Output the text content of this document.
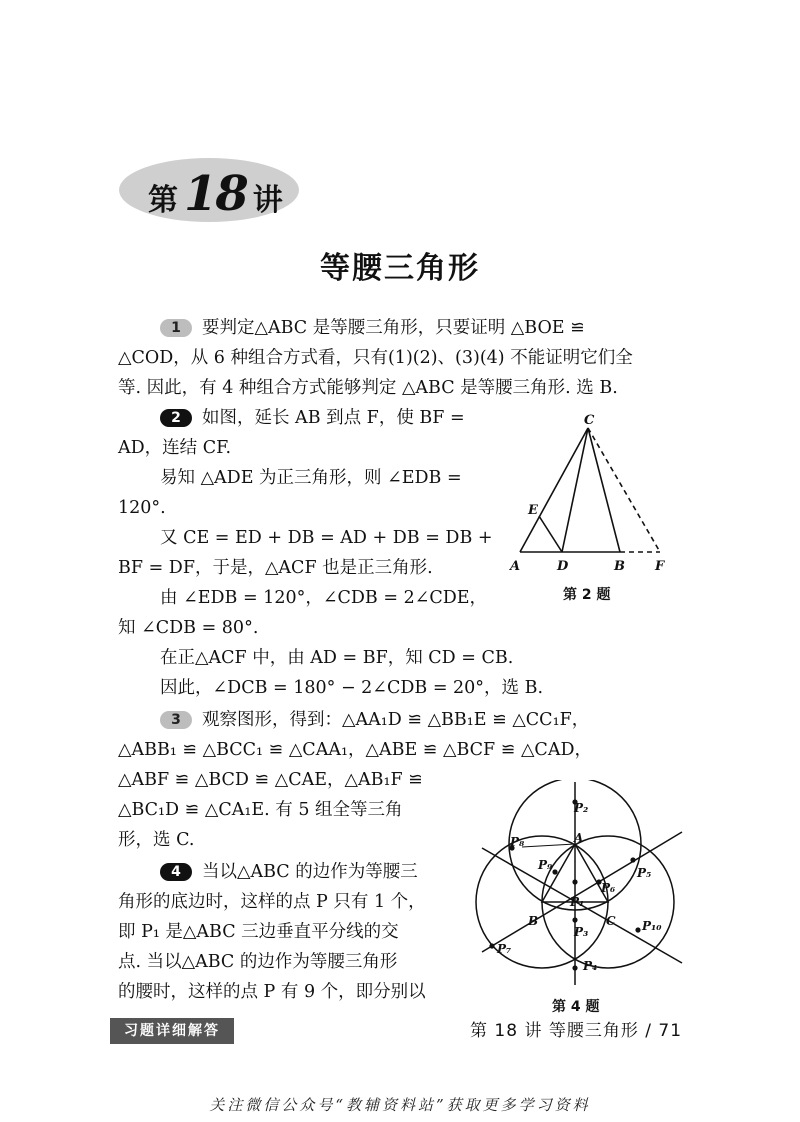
第 18 讲
等腰三角形
1 要判定△ABC 是等腰三角形，只要证明 △BOE ≌
△COD，从 6 种组合方式看，只有(1)(2)、(3)(4) 不能证明它们全
等. 因此，有 4 种组合方式能够判定 △ABC 是等腰三角形. 选 B.
2 如图，延长 AB 到点 F，使 BF =
AD，连结 CF.
易知 △ADE 为正三角形，则 ∠EDB =
120°.
又 CE = ED + DB = AD + DB = DB +
BF = DF，于是，△ACF 也是正三角形.
由 ∠EDB = 120°，∠CDB = 2∠CDE，
知 ∠CDB = 80°.
在正△ACF 中，由 AD = BF，知 CD = CB.
因此，∠DCB = 180° − 2∠CDB = 20°，选 B.
C
E
A	D	B F
第 2 题
3 观察图形，得到：△AA₁D ≌ △BB₁E ≌ △CC₁F，
△ABB₁ ≌ △BCC₁ ≌ △CAA₁，△ABE ≌ △BCF ≌ △CAD，
△ABF ≌ △BCD ≌ △CAE，△AB₁F ≌
△BC₁D ≌ △CA₁E. 有 5 组全等三角
形，选 C.
4 当以△ABC 的边作为等腰三
角形的底边时，这样的点 P 只有 1 个，
即 P₁ 是△ABC 三边垂直平分线的交
点. 当以△ABC 的边作为等腰三角形
的腰时，这样的点 P 有 9 个，即分别以
A
B	C
P₁
P₂
P₃
P₄
P₅
P₆
P₇
P₈
P₉
P₁₀
第 4 题
习题详细解答	第 18 讲 等腰三角形 / 71
关注微信公众号“教辅资料站”获取更多学习资料
